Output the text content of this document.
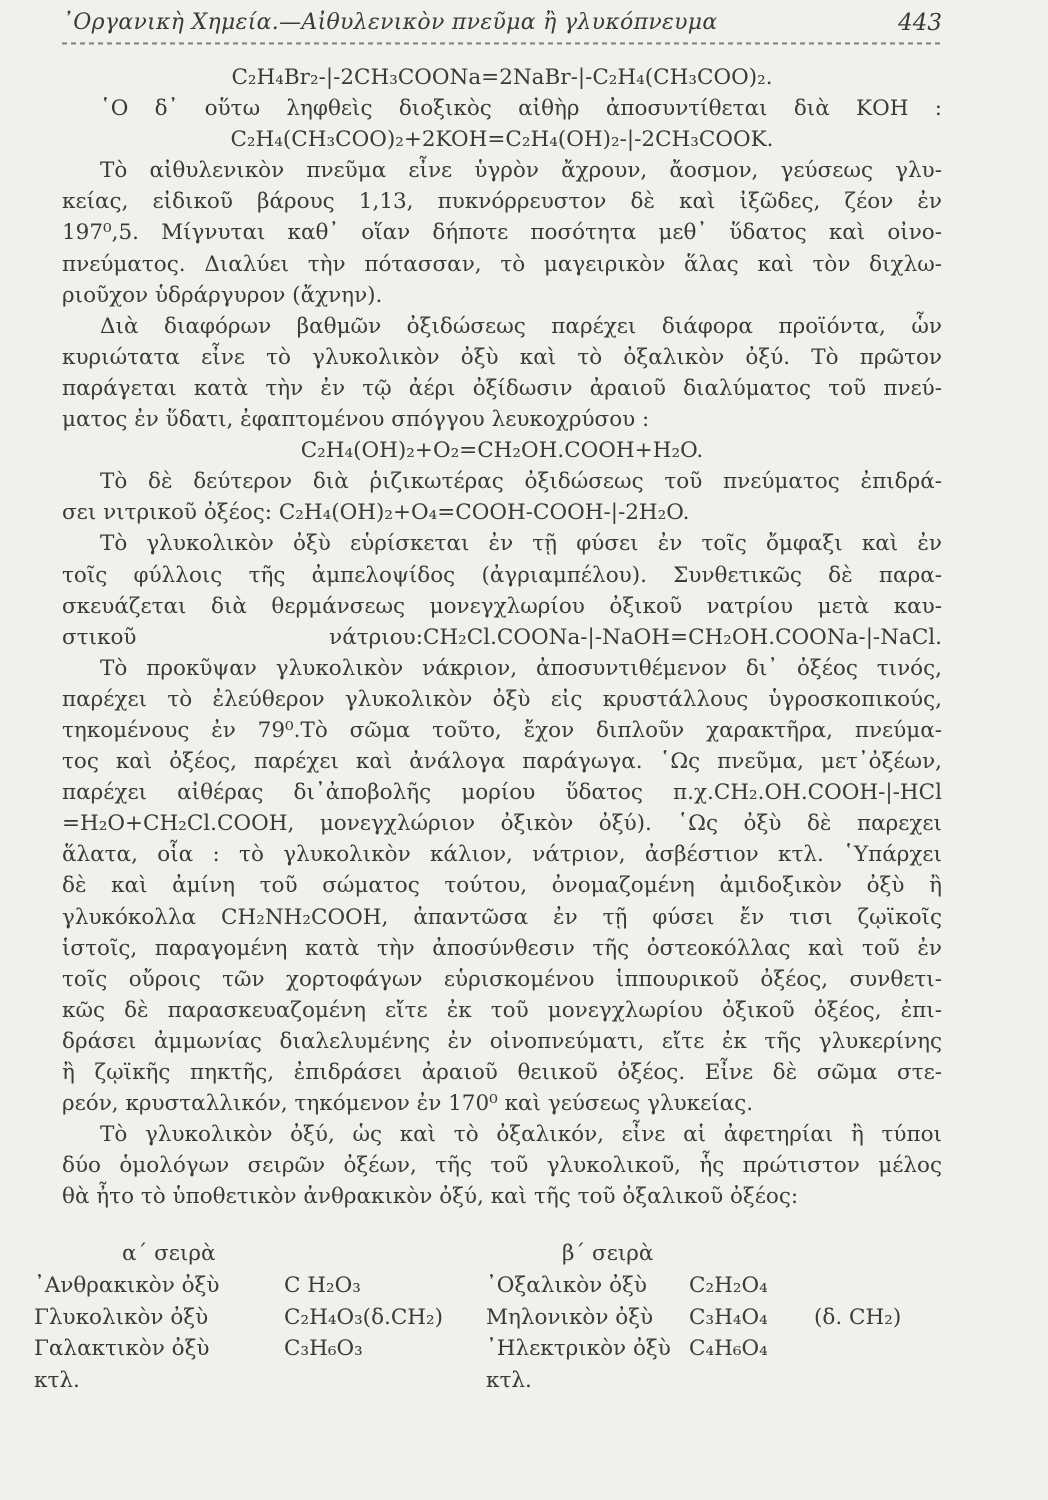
᾿Οργανικὴ Χημεία.—Αἰθυλενικὸν πνεῦμα ἢ γλυκόπνευμα	443
C₂H₄Br₂-|-2CH₃COONa=2NaBr-|-C₂H₄(CH₃COO)₂.
῾Ο δ᾿ οὕτω ληφθεὶς διοξικὸς αἰθὴρ ἀποσυντίθεται διὰ ΚΟΗ :
C₂H₄(CH₃COO)₂+2KOH=C₂H₄(OH)₂-|-2CH₃COOK.
Τὸ αἰθυλενικὸν πνεῦμα εἶνε ὑγρὸν ἄχρουν, ἄοσμον, γεύσεως γλυ-
κείας, εἰδικοῦ βάρους 1,13, πυκνόρρευστον δὲ καὶ ἰξῶδες, ζέον ἐν
197⁰,5. Μίγνυται καθ᾿ οἵαν δήποτε ποσότητα μεθ᾿ ὕδατος καὶ οἰνο-
πνεύματος. Διαλύει τὴν πότασσαν, τὸ μαγειρικὸν ἅλας καὶ τὸν διχλω-
ριοῦχον ὑδράργυρον (ἄχνην).
Διὰ διαφόρων βαθμῶν ὀξιδώσεως παρέχει διάφορα προϊόντα, ὧν
κυριώτατα εἶνε τὸ γλυκολικὸν ὀξὺ καὶ τὸ ὀξαλικὸν ὀξύ. Τὸ πρῶτον
παράγεται κατὰ τὴν ἐν τῷ ἀέρι ὀξίδωσιν ἀραιοῦ διαλύματος τοῦ πνεύ-
ματος ἐν ὕδατι, ἐφαπτομένου σπόγγου λευκοχρύσου :
C₂H₄(OH)₂+O₂=CH₂OH.COOH+H₂O.
Τὸ δὲ δεύτερον διὰ ῥιζικωτέρας ὀξιδώσεως τοῦ πνεύματος ἐπιδρά-
σει νιτρικοῦ ὀξέος: C₂H₄(OH)₂+O₄=COOH-COOH-|-2H₂O.
Τὸ γλυκολικὸν ὀξὺ εὑρίσκεται ἐν τῇ φύσει ἐν τοῖς ὄμφαξι καὶ ἐν
τοῖς φύλλοις τῆς ἀμπελοψίδος (ἀγριαμπέλου). Συνθετικῶς δὲ παρα-
σκευάζεται διὰ θερμάνσεως μονεγχλωρίου ὀξικοῦ νατρίου μετὰ καυ-
στικοῦ νάτριου:CH₂Cl.COONa-|-NaOH=CH₂OH.COONa-|-NaCl.
Τὸ προκῦψαν γλυκολικὸν νάκριον, ἀποσυντιθέμενον δι᾿ ὀξέος τινός,
παρέχει τὸ ἐλεύθερον γλυκολικὸν ὀξὺ εἰς κρυστάλλους ὑγροσκοπικούς,
τηκομένους ἐν 79⁰.Τὸ σῶμα τοῦτο, ἔχον διπλοῦν χαρακτῆρα, πνεύμα-
τος καὶ ὀξέος, παρέχει καὶ ἀνάλογα παράγωγα. ῾Ως πνεῦμα, μετ᾿ὀξέων,
παρέχει αἰθέρας δι᾿ἀποβολῆς μορίου ὕδατος π.χ.CH₂.OH.COOH-|-HCl
=H₂O+CH₂Cl.COOH, μονεγχλώριον ὀξικὸν ὀξύ). ῾Ως ὀξὺ δὲ παρεχει
ἅλατα, οἷα : τὸ γλυκολικὸν κάλιον, νάτριον, ἀσβέστιον κτλ. ῾Υπάρχει
δὲ καὶ ἀμίνη τοῦ σώματος τούτου, ὀνομαζομένη ἀμιδοξικὸν ὀξὺ ἢ
γλυκόκολλα CH₂NH₂COOH, ἀπαντῶσα ἐν τῇ φύσει ἔν τισι ζῳϊκοῖς
ἱστοῖς, παραγομένη κατὰ τὴν ἀποσύνθεσιν τῆς ὀστεοκόλλας καὶ τοῦ ἐν
τοῖς οὔροις τῶν χορτοφάγων εὑρισκομένου ἱππουρικοῦ ὀξέος, συνθετι-
κῶς δὲ παρασκευαζομένη εἴτε ἐκ τοῦ μονεγχλωρίου ὀξικοῦ ὀξέος, ἐπι-
δράσει ἀμμωνίας διαλελυμένης ἐν οἰνοπνεύματι, εἴτε ἐκ τῆς γλυκερίνης
ἢ ζῳϊκῆς πηκτῆς, ἐπιδράσει ἀραιοῦ θειικοῦ ὀξέος. Εἶνε δὲ σῶμα στε-
ρεόν, κρυσταλλικόν, τηκόμενον ἐν 170⁰ καὶ γεύσεως γλυκείας.
Τὸ γλυκολικὸν ὀξύ, ὡς καὶ τὸ ὀξαλικόν, εἶνε αἱ ἀφετηρίαι ἢ τύποι
δύο ὁμολόγων σειρῶν ὀξέων, τῆς τοῦ γλυκολικοῦ, ἧς πρώτιστον μέλος
θὰ ἦτο τὸ ὑποθετικὸν ἀνθρακικὸν ὀξύ, καὶ τῆς τοῦ ὀξαλικοῦ ὀξέος:
α´ σειρὰ	β´ σειρὰ
᾿Ανθρακικὸν ὀξὺ	C H₂O₃	᾿Οξαλικὸν ὀξὺ C₂H₂O₄
Γλυκολικὸν ὀξὺ	C₂H₄O₃(δ.CH₂) Μηλονικὸν ὀξὺ C₃H₄O₄ (δ. CH₂)
Γαλακτικὸν ὀξὺ	C₃H₆O₃	᾿Ηλεκτρικὸν ὀξὺ C₄H₆O₄
κτλ.	κτλ.
